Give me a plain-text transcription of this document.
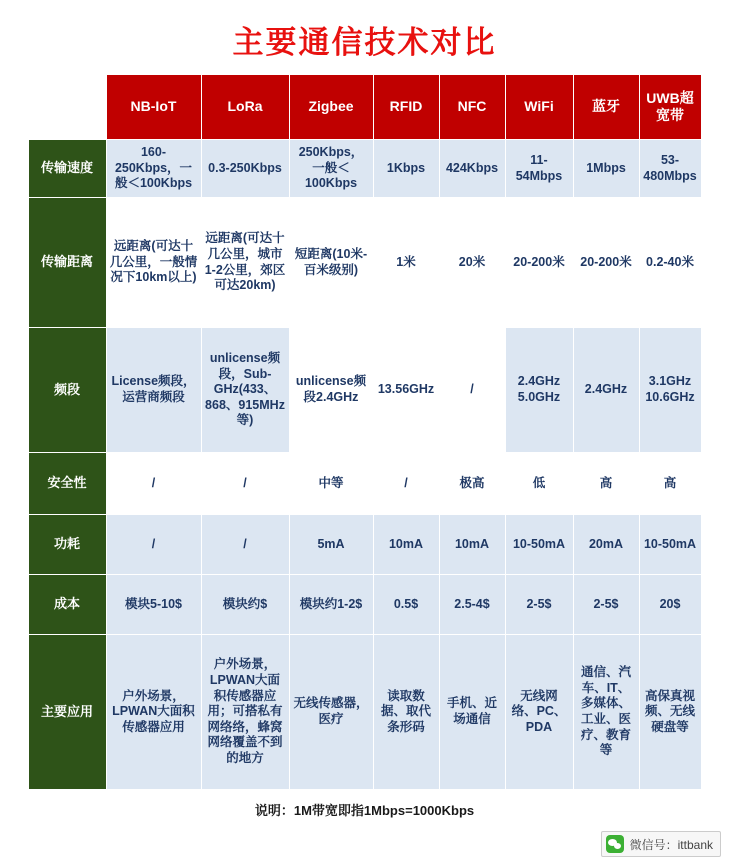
主要通信技术对比
	NB-IoT	LoRa	Zigbee	RFID	NFC	WiFi	蓝牙	UWB超宽带
传输速度	160-250Kbps，一般＜100Kbps	0.3-250Kbps	250Kbps，一般＜100Kbps	1Kbps	424Kbps	11-54Mbps	1Mbps	53-480Mbps
传输距离	远距离(可达十几公里，一般情况下10km以上)	远距离(可达十几公里，城市1-2公里，郊区可达20km)	短距离(10米-百米级别)	1米	20米	20-200米	20-200米	0.2-40米
频段	License频段，运营商频段	unlicense频段，Sub-GHz(433、868、915MHz等)	unlicense频段2.4GHz	13.56GHz	/	2.4GHz 5.0GHz	2.4GHz	3.1GHz 10.6GHz
安全性	/	/	中等	/	极高	低	高	高
功耗	/	/	5mA	10mA	10mA	10-50mA	20mA	10-50mA
成本	模块5-10$	模块约$	模块约1-2$	0.5$	2.5-4$	2-5$	2-5$	20$
主要应用	户外场景，LPWAN大面积传感器应用	户外场景，LPWAN大面积传感器应用；可搭私有网络络，蜂窝网络覆盖不到的地方	无线传感器，医疗	读取数据、取代条形码	手机、近场通信	无线网络、PC、PDA	通信、汽车、IT、多媒体、工业、医疗、教育等	高保真视频、无线硬盘等
说明：1M带宽即指1Mbps=1000Kbps
微信号：ittbank
